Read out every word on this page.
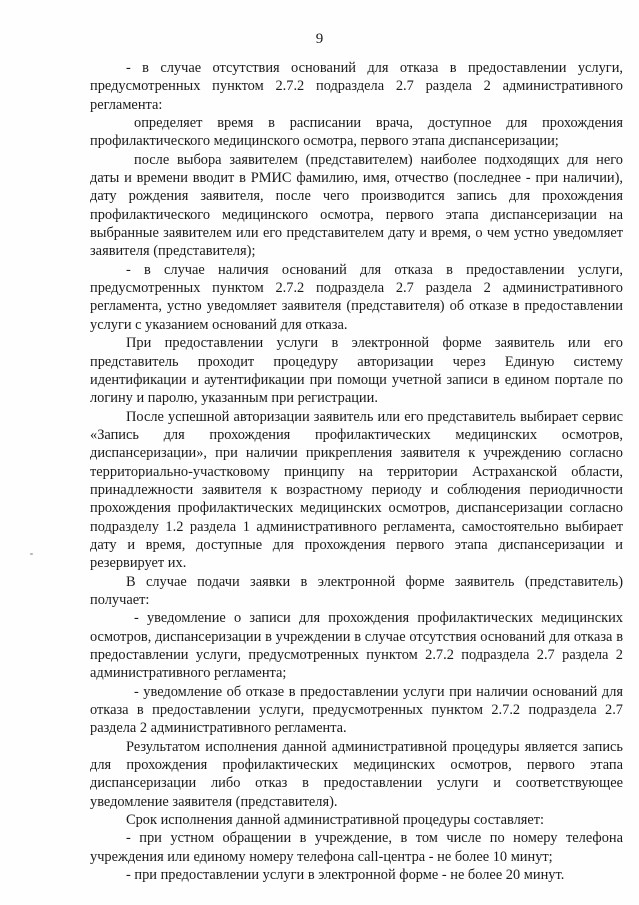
9

- в случае отсутствия оснований для отказа в предоставлении услуги, предусмотренных пунктом 2.7.2 подраздела 2.7 раздела 2 административного регламента:

определяет время в расписании врача, доступное для прохождения профилактического медицинского осмотра, первого этапа диспансеризации;

после выбора заявителем (представителем) наиболее подходящих для него даты и времени вводит в РМИС фамилию, имя, отчество (последнее - при наличии), дату рождения заявителя, после чего производится запись для прохождения профилактического медицинского осмотра, первого этапа диспансеризации на выбранные заявителем или его представителем дату и время, о чем устно уведомляет заявителя (представителя);

- в случае наличия оснований для отказа в предоставлении услуги, предусмотренных пунктом 2.7.2 подраздела 2.7 раздела 2 административного регламента, устно уведомляет заявителя (представителя) об отказе в предоставлении услуги с указанием оснований для отказа.

При предоставлении услуги в электронной форме заявитель или его представитель проходит процедуру авторизации через Единую систему идентификации и аутентификации при помощи учетной записи в едином портале по логину и паролю, указанным при регистрации.

После успешной авторизации заявитель или его представитель выбирает сервис «Запись для прохождения профилактических медицинских осмотров, диспансеризации», при наличии прикрепления заявителя к учреждению согласно территориально-участковому принципу на территории Астраханской области, принадлежности заявителя к возрастному периоду и соблюдения периодичности прохождения профилактических медицинских осмотров, диспансеризации согласно подразделу 1.2 раздела 1 административного регламента, самостоятельно выбирает дату и время, доступные для прохождения первого этапа диспансеризации и резервирует их.

В случае подачи заявки в электронной форме заявитель (представитель) получает:

- уведомление о записи для прохождения профилактических медицинских осмотров, диспансеризации в учреждении в случае отсутствия оснований для отказа в предоставлении услуги, предусмотренных пунктом 2.7.2 подраздела 2.7 раздела 2 административного регламента;

- уведомление об отказе в предоставлении услуги при наличии оснований для отказа в предоставлении услуги, предусмотренных пунктом 2.7.2 подраздела 2.7 раздела 2 административного регламента.

Результатом исполнения данной административной процедуры является запись для прохождения профилактических медицинских осмотров, первого этапа диспансеризации либо отказ в предоставлении услуги и соответствующее уведомление заявителя (представителя).

Срок исполнения данной административной процедуры составляет:

- при устном обращении в учреждение, в том числе по номеру телефона учреждения или единому номеру телефона call-центра - не более 10 минут;

- при предоставлении услуги в электронной форме - не более 20 минут.
